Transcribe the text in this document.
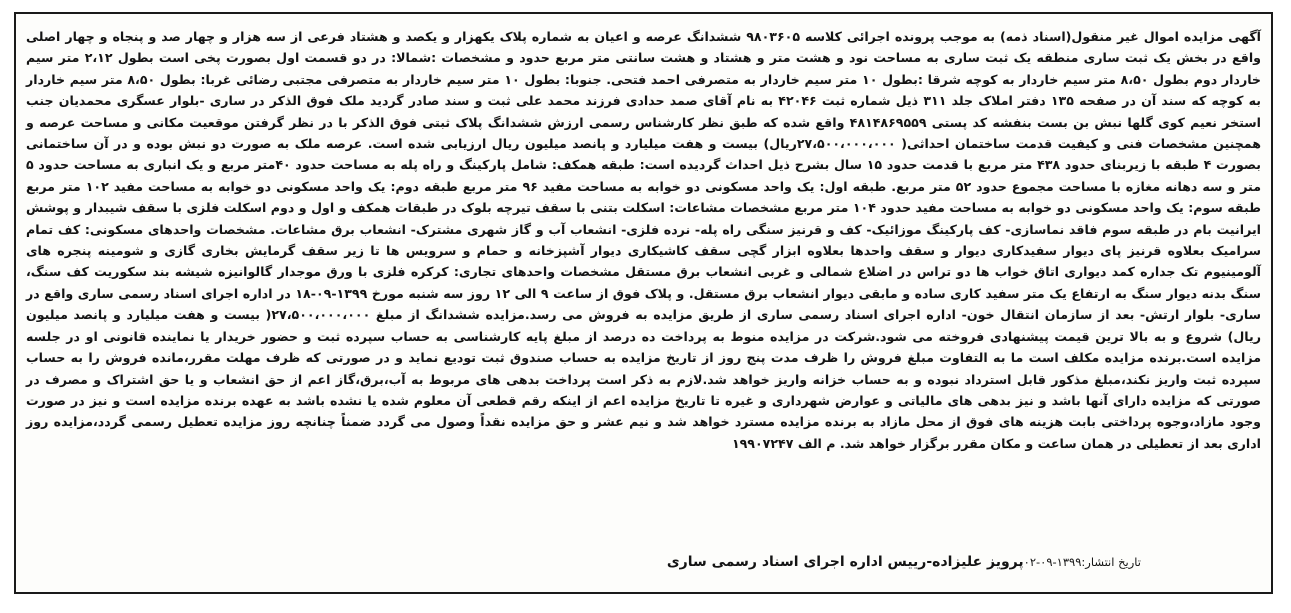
آگهی مزایده اموال غیر منقول(اسناد ذمه) به موجب پرونده اجرائی کلاسه ۹۸۰۳۶۰۵ ششدانگ عرصه و اعیان به شماره پلاک یکهزار و یکصد و هشتاد فرعی از سه هزار و چهار صد و پنجاه و چهار اصلی واقع در بخش یک ثبت ساری منطقه یک ثبت ساری به مساحت نود و هشت متر و هشتاد و هشت سانتی متر مربع حدود و مشخصات :شمالا: در دو قسمت اول بصورت پخی است بطول ۲،۱۲ متر سیم خاردار دوم بطول ۸،۵۰ متر سیم خاردار به کوچه شرقا :بطول ۱۰ متر سیم خاردار به متصرفی احمد فتحی. جنوبا: بطول ۱۰ متر سیم خاردار به متصرفی مجتبی رضائی غربا: بطول ۸،۵۰ متر سیم خاردار به کوچه که سند آن در صفحه ۱۳۵ دفتر املاک جلد ۳۱۱ ذیل شماره ثبت ۴۲۰۴۶ به نام آقای صمد حدادی فرزند محمد علی ثبت و سند صادر گردید ملک فوق الذکر در ساری -بلوار عسگری محمدیان جنب استخر نعیم کوی گلها نبش بن بست بنفشه کد پستی ۴۸۱۴۸۶۹۵۵۹ واقع شده که طبق نظر کارشناس رسمی ارزش ششدانگ پلاک ثبتی فوق الذکر با در نظر گرفتن موقعیت مکانی و مساحت عرصه و همچنین مشخصات فنی و کیفیت قدمت ساختمان احداثی( ۲۷،۵۰۰،۰۰۰،۰۰۰ریال) بیست و هفت میلیارد و پانصد میلیون ریال ارزیابی شده است. عرصه ملک به صورت دو نبش بوده و در آن ساختمانی بصورت ۴ طبقه با زیربنای حدود ۴۳۸ متر مربع با قدمت حدود ۱۵ سال بشرح ذیل احداث گردیده است: طبقه همکف: شامل پارکینگ و راه پله به مساحت حدود ۴۰متر مربع و یک انباری به مساحت حدود ۵ متر و سه دهانه مغازه با مساحت مجموع حدود ۵۲ متر مربع. طبقه اول: یک واحد مسکونی دو خوابه به مساحت مفید ۹۶ متر مربع طبقه دوم: یک واحد مسکونی دو خوابه به مساحت مفید ۱۰۲ متر مربع طبقه سوم: یک واحد مسکونی دو خوابه به مساحت مفید حدود ۱۰۴ متر مربع مشخصات مشاعات: اسکلت بتنی با سقف تیرچه بلوک در طبقات همکف و اول و دوم اسکلت فلزی با سقف شیبدار و پوشش ایرانیت بام در طبقه سوم فاقد نماسازی- کف پارکینگ موزائیک- کف و قرنیز سنگی راه پله- نرده فلزی- انشعاب آب و گاز شهری مشترک- انشعاب برق مشاعات. مشخصات واحدهای مسکونی: کف تمام سرامیک بعلاوه قرنیز پای دیوار سفیدکاری دیوار و سقف واحدها بعلاوه ابزار گچی سقف کاشیکاری دیوار آشپزخانه و حمام و سرویس ها تا زیر سقف گرمایش بخاری گازی و شومینه پنجره های آلومینیوم تک جداره کمد دیواری اتاق خواب ها دو تراس در اضلاع شمالی و غربی انشعاب برق مستقل مشخصات واحدهای تجاری: کرکره فلزی با ورق موجدار گالوانیزه شیشه بند سکوریت کف سنگ، سنگ بدنه دیوار سنگ به ارتفاع یک متر سفید کاری ساده و مابقی دیوار انشعاب برق مستقل. و پلاک فوق از ساعت ۹ الی ۱۲ روز سه شنبه مورخ ۱۳۹۹-۰۹-۱۸ در اداره اجرای اسناد رسمی ساری واقع در ساری- بلوار ارتش- بعد از سازمان انتقال خون- اداره اجرای اسناد رسمی ساری از طریق مزایده به فروش می رسد.مزایده ششدانگ از مبلغ ۲۷،۵۰۰،۰۰۰،۰۰۰( بیست و هفت میلیارد و پانصد میلیون ریال) شروع و به بالا ترین قیمت پیشنهادی فروخته می شود.شرکت در مزایده منوط به پرداخت ده درصد از مبلغ پایه کارشناسی به حساب سپرده ثبت و حضور خریدار یا نماینده قانونی او در جلسه مزایده است.برنده مزایده مکلف است ما به التفاوت مبلغ فروش را ظرف مدت پنج روز از تاریخ مزایده به حساب صندوق ثبت تودیع نماید و در صورتی که ظرف مهلت مقرر،مانده فروش را به حساب سپرده ثبت واریز نکند،مبلغ مذکور قابل استرداد نبوده و به حساب خزانه واریز خواهد شد.لازم به ذکر است پرداخت بدهی های مربوط به آب،برق،گاز اعم از حق انشعاب و یا حق اشتراک و مصرف در صورتی که مزایده دارای آنها باشد و نیز بدهی های مالیاتی و عوارض شهرداری و غیره تا تاریخ مزایده اعم از اینکه رقم قطعی آن معلوم شده یا نشده باشد به عهده برنده مزایده است و نیز در صورت وجود مازاد،وجوه پرداختی بابت هزینه های فوق از محل مازاد به برنده مزایده مسترد خواهد شد و نیم عشر و حق مزایده نقداً وصول می گردد ضمناً چنانچه روز مزایده تعطیل رسمی گردد،مزایده روز اداری بعد از تعطیلی در همان ساعت و مکان مقرر برگزار خواهد شد. م الف ۱۹۹۰۷۲۴۷
تاریخ انتشار:۱۳۹۹-۰۹-۰۲
پرویز علیزاده-رییس اداره اجرای اسناد رسمی ساری
